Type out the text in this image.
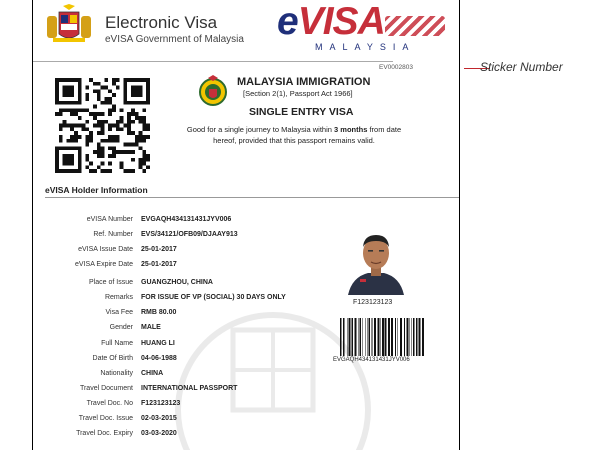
Electronic Visa
eVISA Government of Malaysia eVISA
MALAYSIA
EV0002803
MALAYSIA IMMIGRATION
[Section 2(1), Passport Act 1966]
SINGLE ENTRY VISA
Good for a single journey to Malaysia within 3 months from date hereof, provided that this passport remains valid.
eVISA Holder Information
eVISA Number EVGAQH434131431JYV006
Ref. Number EVS/34121/OFB09/DJAAY913
eVISA Issue Date 25-01-2017
eVISA Expire Date 25-01-2017
Place of Issue GUANGZHOU, CHINA
Remarks FOR ISSUE OF VP (SOCIAL) 30 DAYS ONLY
Visa Fee RMB 80.00
Gender MALE
Full Name HUANG LI
Date Of Birth 04-06-1988
Nationality CHINA
Travel Document INTERNATIONAL PASSPORT
Travel Doc. No F123123123
Travel Doc. Issue 02-03-2015
Travel Doc. Expiry 03-03-2020
F123123123
EVGAQH434131431JYV006
Sticker Number
